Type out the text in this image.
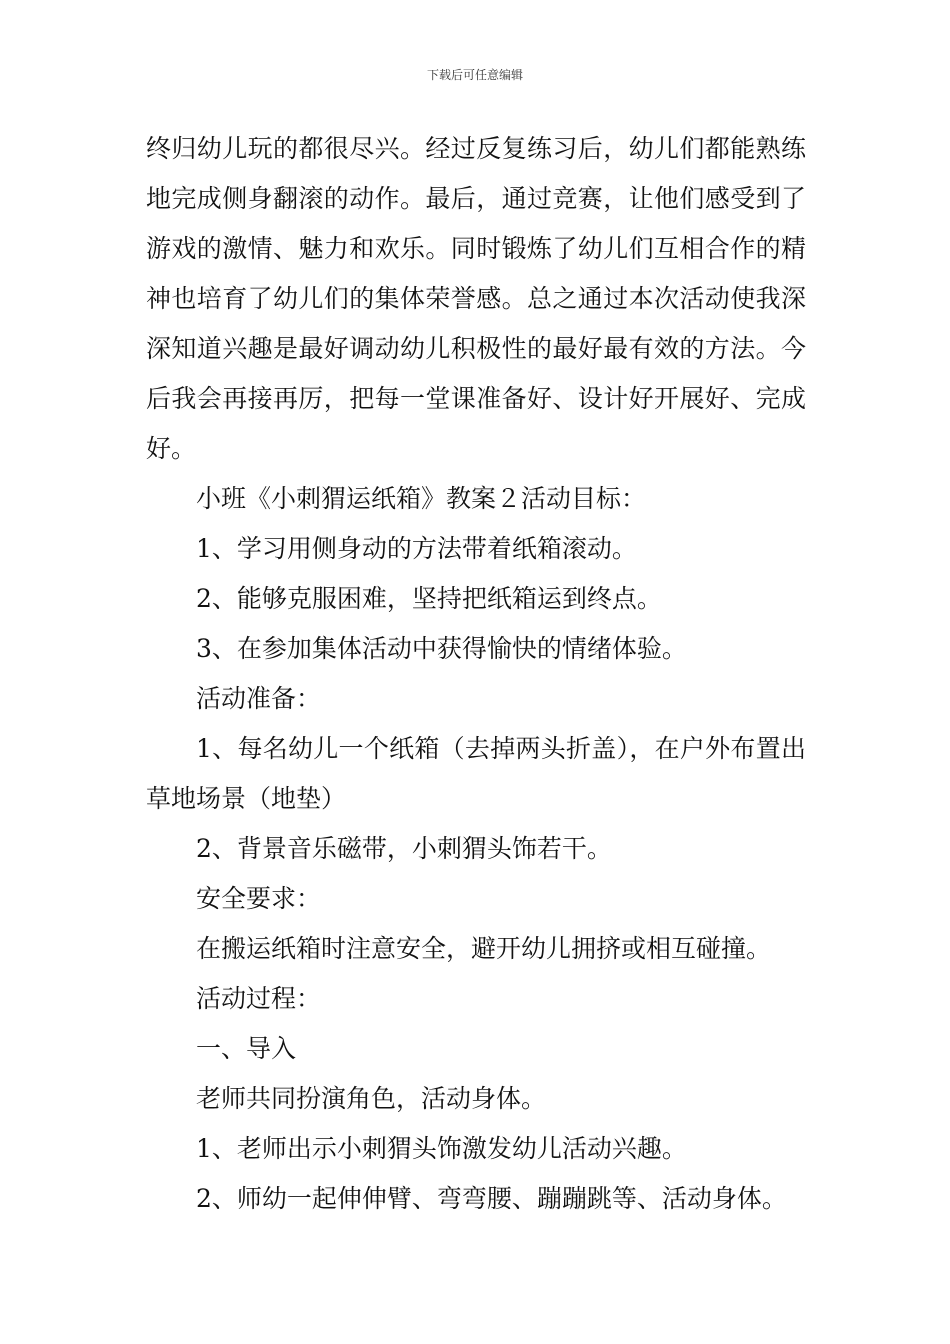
下载后可任意编辑

终归幼儿玩的都很尽兴。经过反复练习后，幼儿们都能熟练地完成侧身翻滚的动作。最后，通过竞赛，让他们感受到了游戏的激情、魅力和欢乐。同时锻炼了幼儿们互相合作的精神也培育了幼儿们的集体荣誉感。总之通过本次活动使我深深知道兴趣是最好调动幼儿积极性的最好最有效的方法。今后我会再接再厉，把每一堂课准备好、设计好开展好、完成好。

小班《小刺猬运纸箱》教案２活动目标：

1、学习用侧身动的方法带着纸箱滚动。

2、能够克服困难，坚持把纸箱运到终点。

3、在参加集体活动中获得愉快的情绪体验。

活动准备：

1、每名幼儿一个纸箱（去掉两头折盖），在户外布置出草地场景（地垫）

2、背景音乐磁带，小刺猬头饰若干。

安全要求：

在搬运纸箱时注意安全，避开幼儿拥挤或相互碰撞。

活动过程：

一、导入

老师共同扮演角色，活动身体。

1、老师出示小刺猬头饰激发幼儿活动兴趣。

2、师幼一起伸伸臂、弯弯腰、蹦蹦跳等、活动身体。
